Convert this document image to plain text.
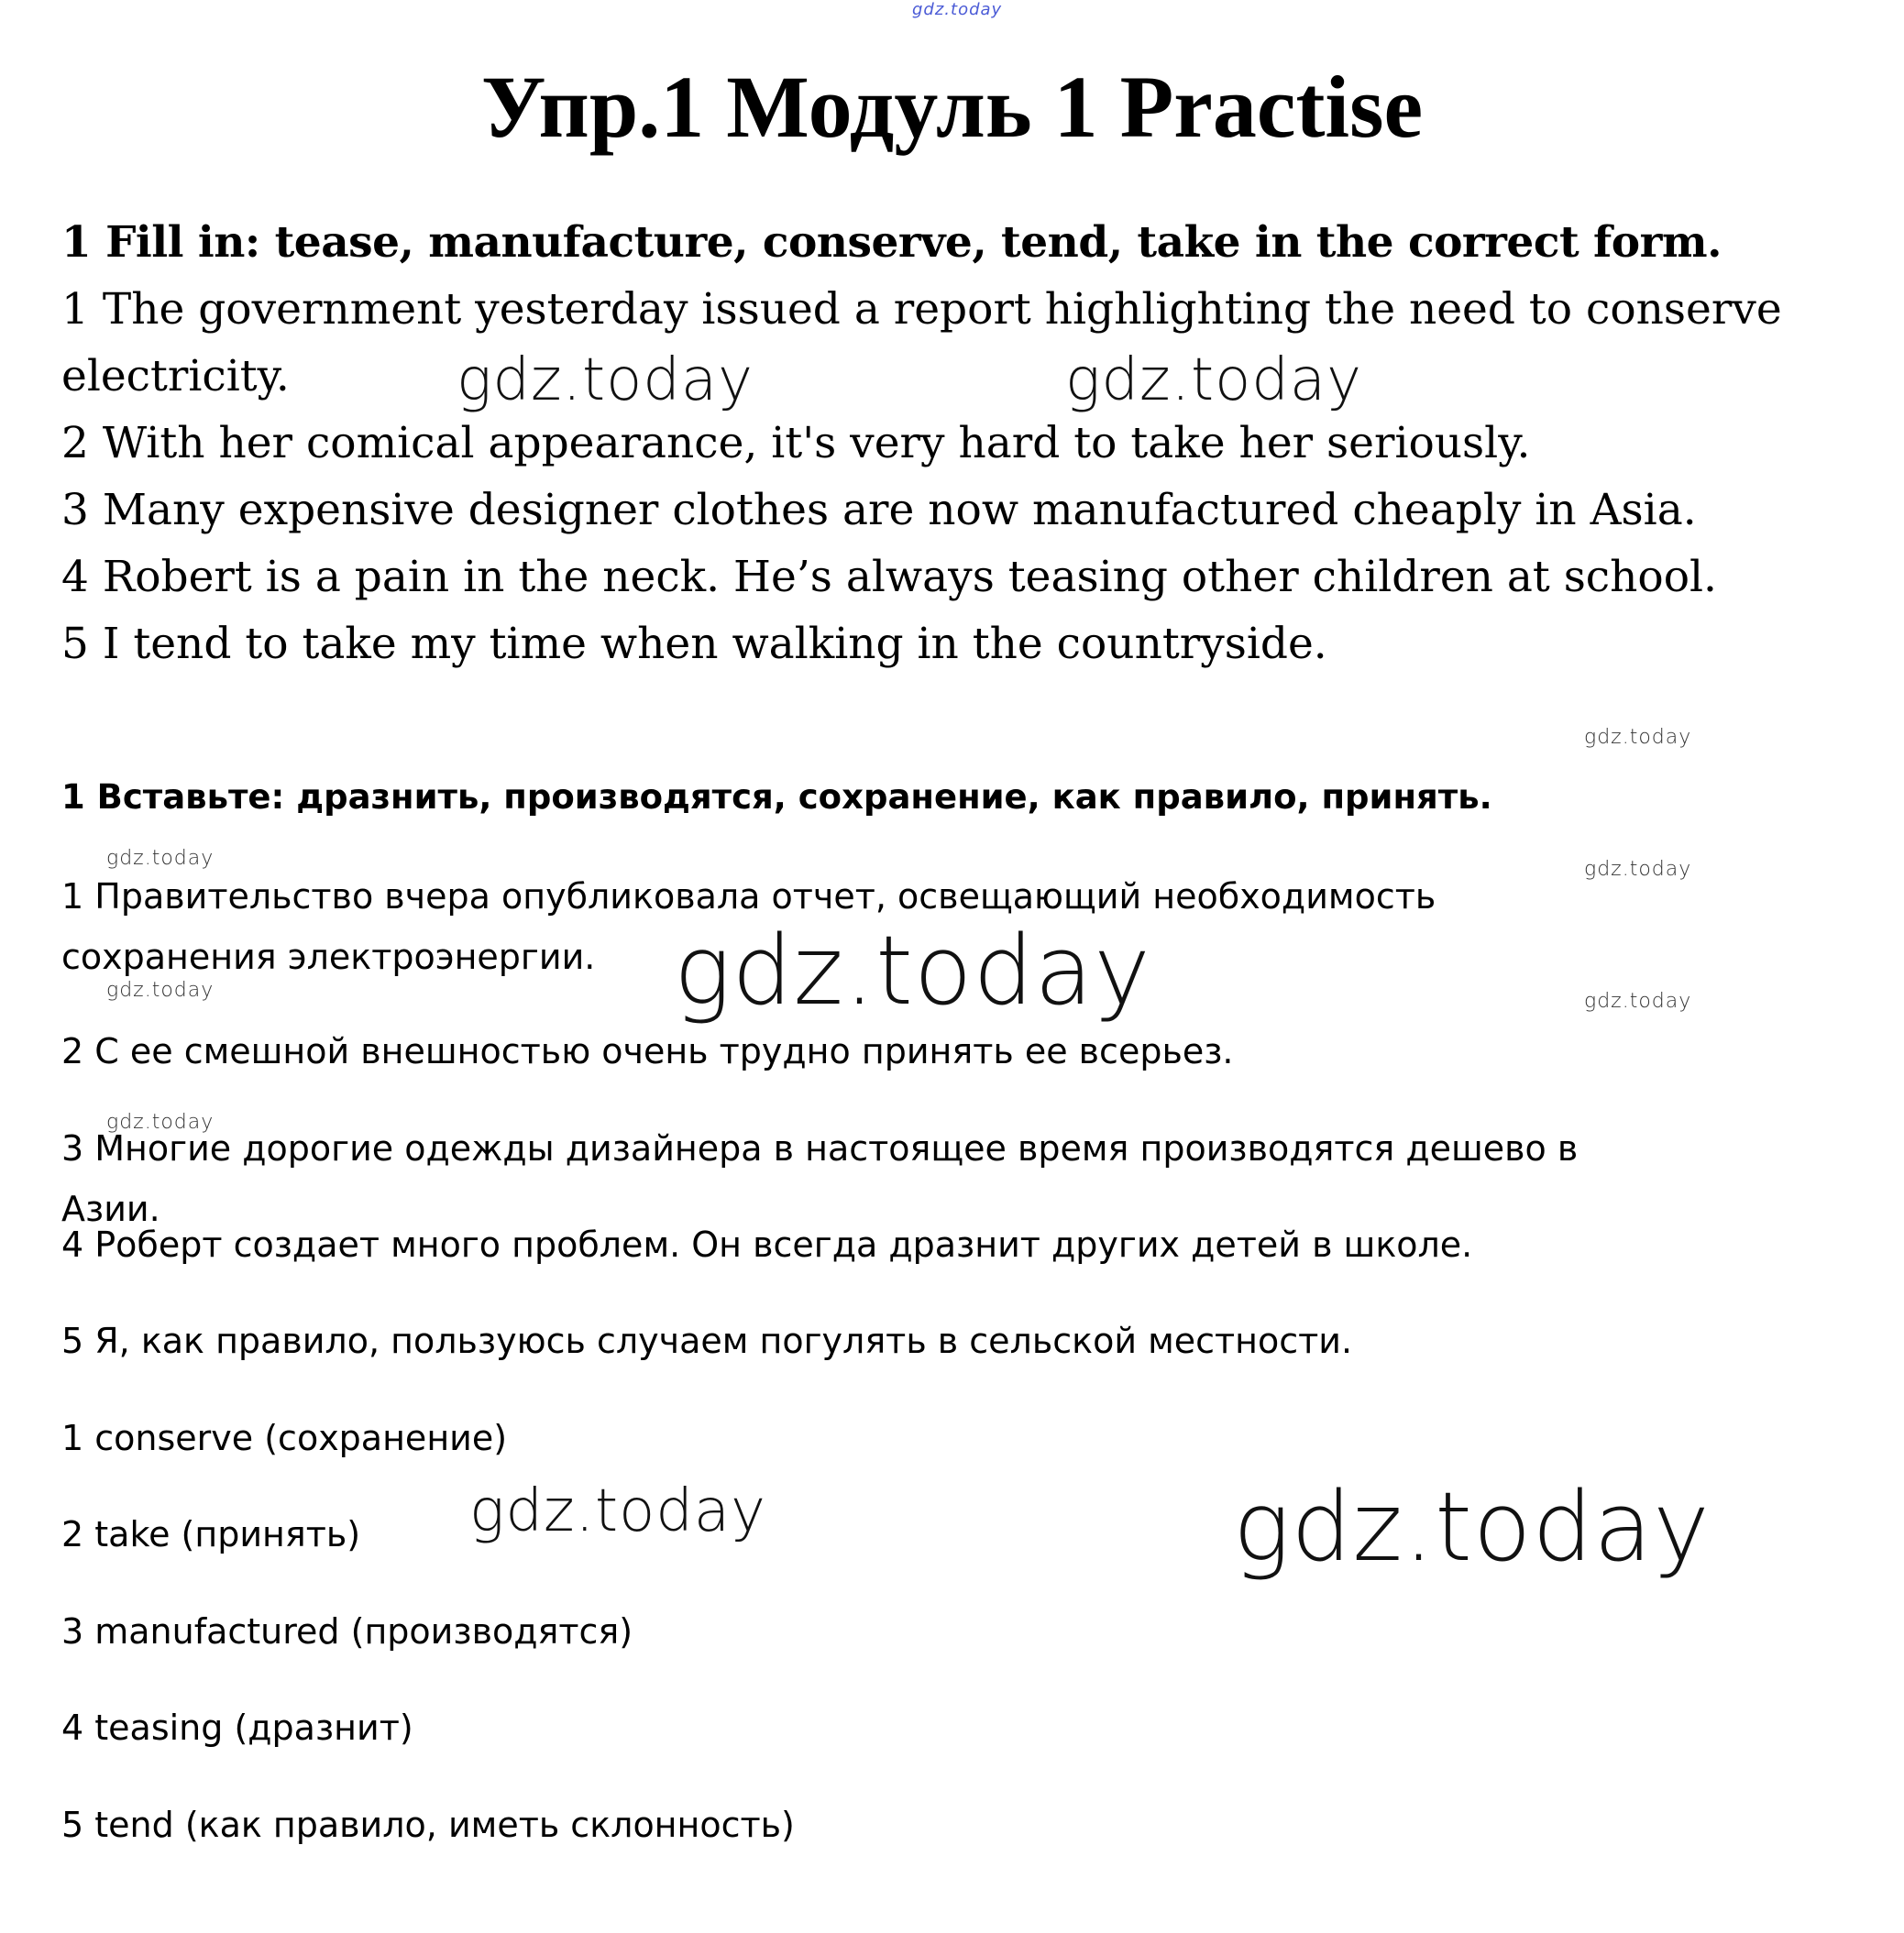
gdz.today
Упр.1 Модуль 1 Practise
1 Fill in: tease, manufacture, conserve, tend, take in the correct form.
1 The government yesterday issued a report highlighting the need to conserve
electricity.
2 With her comical appearance, it's very hard to take her seriously.
3 Many expensive designer clothes are now manufactured cheaply in Asia.
4 Robert is a pain in the neck. He’s always teasing other children at school.
5 I tend to take my time when walking in the countryside.
gdz.today	gdz.today
gdz.today
1 Вставьте: дразнить, производятся, сохранение, как правило, принять.
gdz.today	gdz.today
1 Правительство вчера опубликовала отчет, освещающий необходимость сохранения электроэнергии. gdz.today
gdz.today	gdz.today
2 С ее смешной внешностью очень трудно принять ее всерьез.
gdz.today
3 Многие дорогие одежды дизайнера в настоящее время производятся дешево в Азии.
4 Роберт создает много проблем. Он всегда дразнит других детей в школе.
5 Я, как правило, пользуюсь случаем погулять в сельской местности.
1 conserve (сохранение)
2 take (принять)
3 manufactured (производятся)
4 teasing (дразнит)
5 tend (как правило, иметь склонность)
gdz.today	gdz.today
